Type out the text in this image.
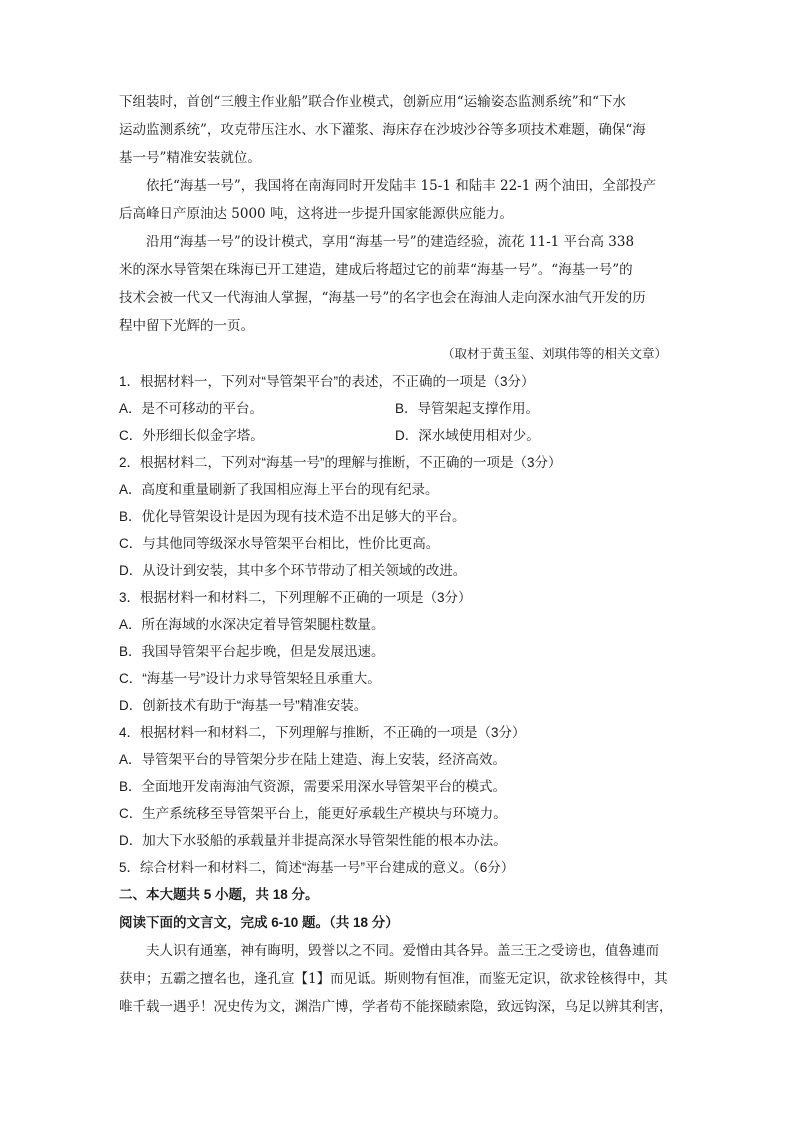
下组装时，首创“三艘主作业船”联合作业模式，创新应用“运输姿态监测系统”和“下水

运动监测系统”，攻克带压注水、水下灌浆、海床存在沙坡沙谷等多项技术难题，确保“海

基一号”精准安装就位。

依托“海基一号”，我国将在南海同时开发陆丰 15-1 和陆丰 22-1 两个油田，全部投产

后高峰日产原油达 5000 吨，这将进一步提升国家能源供应能力。

沿用“海基一号”的设计模式，享用“海基一号”的建造经验，流花 11-1 平台高 338

米的深水导管架在珠海已开工建造，建成后将超过它的前辈“海基一号”。“海基一号”的

技术会被一代又一代海油人掌握，“海基一号”的名字也会在海油人走向深水油气开发的历

程中留下光辉的一页。

（取材于黄玉玺、刘琪伟等的相关文章）

1．根据材料一，下列对“导管架平台”的表述，不正确的一项是（3分）

A．是不可移动的平台。	B．导管架起支撑作用。
C．外形细长似金字塔。	D．深水域使用相对少。

2．根据材料二，下列对“海基一号”的理解与推断，不正确的一项是（3分）

A．高度和重量刷新了我国相应海上平台的现有纪录。

B．优化导管架设计是因为现有技术造不出足够大的平台。

C．与其他同等级深水导管架平台相比，性价比更高。

D．从设计到安装，其中多个环节带动了相关领域的改进。

3．根据材料一和材料二，下列理解不正确的一项是（3分）

A．所在海域的水深决定着导管架腿柱数量。

B．我国导管架平台起步晚，但是发展迅速。

C．“海基一号”设计力求导管架轻且承重大。

D．创新技术有助于“海基一号”精准安装。

4．根据材料一和材料二，下列理解与推断，不正确的一项是（3分）

A．导管架平台的导管架分步在陆上建造、海上安装，经济高效。

B．全面地开发南海油气资源，需要采用深水导管架平台的模式。

C．生产系统移至导管架平台上，能更好承载生产模块与环境力。

D．加大下水驳船的承载量并非提高深水导管架性能的根本办法。

5．综合材料一和材料二，简述“海基一号”平台建成的意义。（6分）

二、本大题共 5 小题，共 18 分。

阅读下面的文言文，完成 6-10 题。（共 18 分）

夫人识有通塞，神有晦明，毁誉以之不同。爱憎由其各异。盖三王之受谤也，值魯連而

获申；五霸之擅名也，逢孔宣【1】而见诋。斯则物有恒准，而鉴无定识，欲求铨核得中，其

唯千载一遇乎！况史传为文，渊浩广博，学者苟不能探赜索隐，致远钩深，乌足以辨其利害，
